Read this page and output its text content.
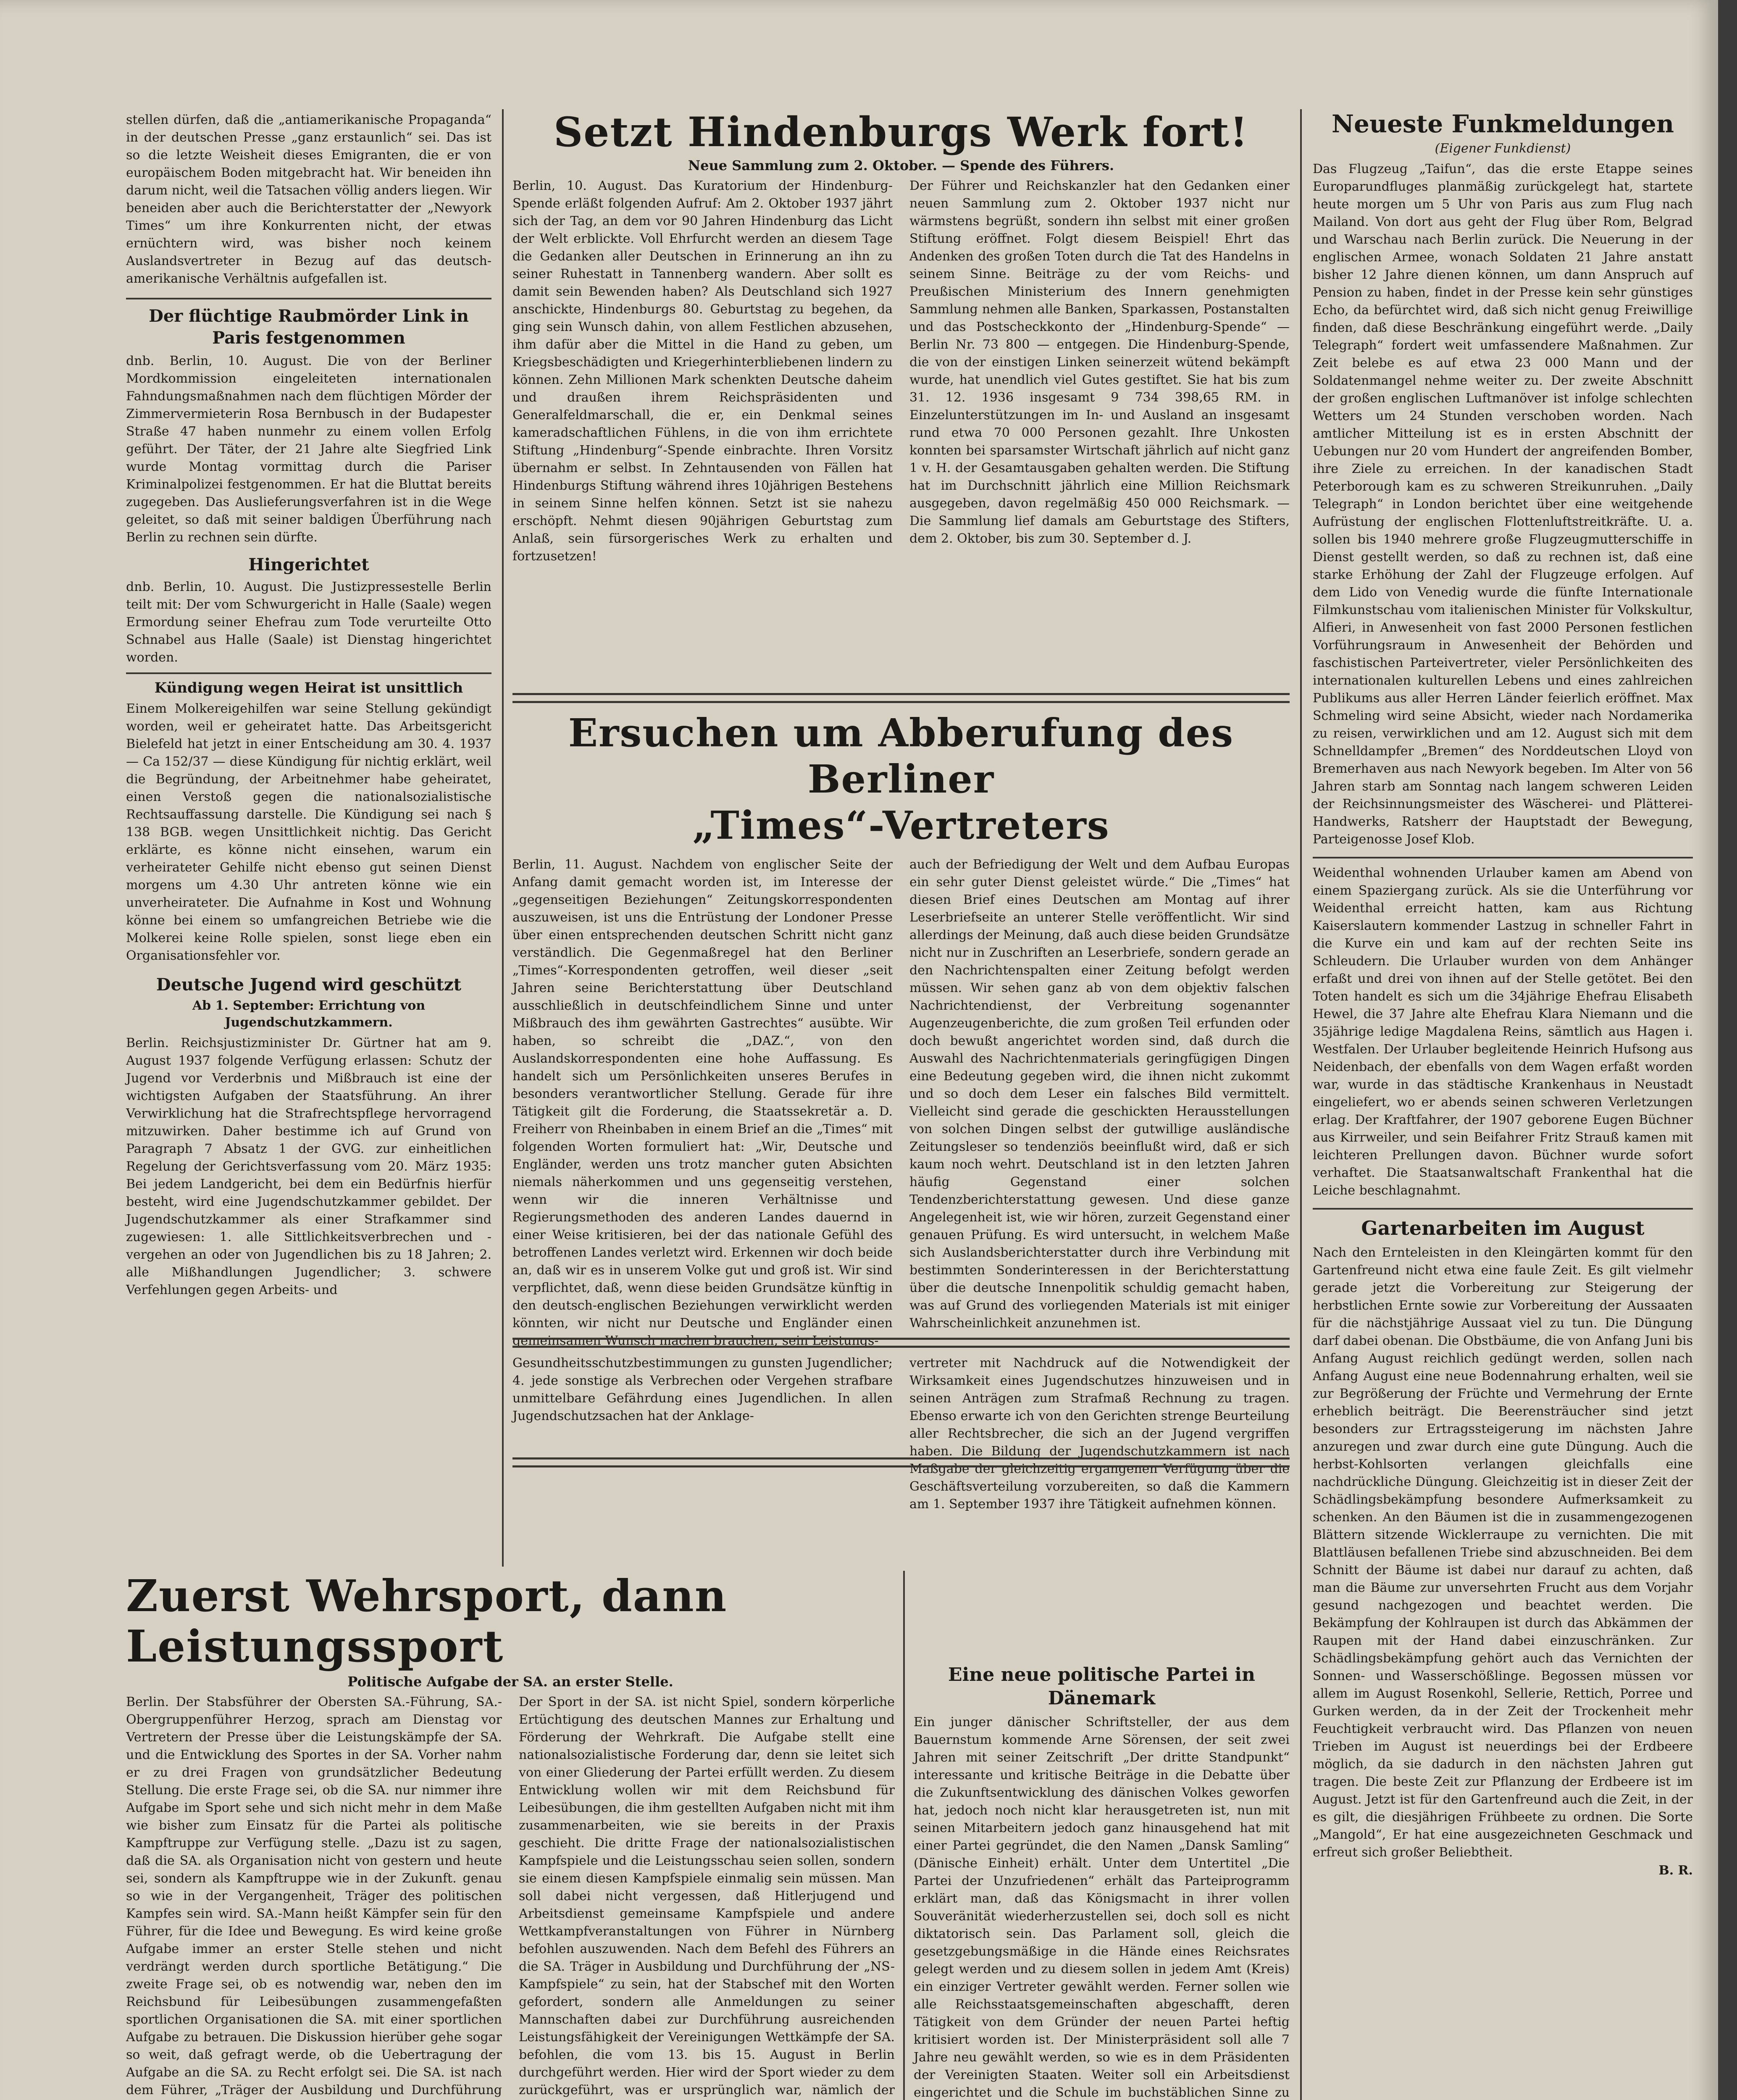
stellen dürfen, daß die „antiamerikanische Propaganda“ in der deutschen Presse „ganz erstaunlich“ sei. Das ist so die letzte Weisheit dieses Emigranten, die er von europäischem Boden mitgebracht hat. Wir beneiden ihn darum nicht, weil die Tatsachen völlig anders liegen. Wir beneiden aber auch die Berichterstatter der „Newyork Times“ um ihre Konkurrenten nicht, der etwas ernüchtern wird, was bisher noch keinem Auslandsvertreter in Bezug auf das deutsch-amerikanische Verhältnis aufgefallen ist.
Der flüchtige Raubmörder Link in Paris festgenommen
dnb. Berlin, 10. August. Die von der Berliner Mordkommission eingeleiteten internationalen Fahndungsmaßnahmen nach dem flüchtigen Mörder der Zimmervermieterin Rosa Bernbusch in der Budapester Straße 47 haben nunmehr zu einem vollen Erfolg geführt. Der Täter, der 21 Jahre alte Siegfried Link wurde Montag vormittag durch die Pariser Kriminalpolizei festgenommen. Er hat die Bluttat bereits zugegeben. Das Auslieferungsverfahren ist in die Wege geleitet, so daß mit seiner baldigen Überführung nach Berlin zu rechnen sein dürfte.
Hingerichtet
dnb. Berlin, 10. August. Die Justizpressestelle Berlin teilt mit: Der vom Schwurgericht in Halle (Saale) wegen Ermordung seiner Ehefrau zum Tode verurteilte Otto Schnabel aus Halle (Saale) ist Dienstag hingerichtet worden.
Kündigung wegen Heirat ist unsittlich
Einem Molkereigehilfen war seine Stellung gekündigt worden, weil er geheiratet hatte. Das Arbeitsgericht Bielefeld hat jetzt in einer Entscheidung am 30. 4. 1937 — Ca 152/37 — diese Kündigung für nichtig erklärt, weil die Begründung, der Arbeitnehmer habe geheiratet, einen Verstoß gegen die nationalsozialistische Rechtsauffassung darstelle. Die Kündigung sei nach § 138 BGB. wegen Unsittlichkeit nichtig. Das Gericht erklärte, es könne nicht einsehen, warum ein verheirateter Gehilfe nicht ebenso gut seinen Dienst morgens um 4.30 Uhr antreten könne wie ein unverheirateter. Die Aufnahme in Kost und Wohnung könne bei einem so umfangreichen Betriebe wie die Molkerei keine Rolle spielen, sonst liege eben ein Organisationsfehler vor.
Deutsche Jugend wird geschützt
Ab 1. September: Errichtung von Jugendschutzkammern.
Berlin. Reichsjustizminister Dr. Gürtner hat am 9. August 1937 folgende Verfügung erlassen: Schutz der Jugend vor Verderbnis und Mißbrauch ist eine der wichtigsten Aufgaben der Staatsführung. An ihrer Verwirklichung hat die Strafrechtspflege hervorragend mitzuwirken. Daher bestimme ich auf Grund von Paragraph 7 Absatz 1 der GVG. zur einheitlichen Regelung der Gerichtsverfassung vom 20. März 1935: Bei jedem Landgericht, bei dem ein Bedürfnis hierfür besteht, wird eine Jugendschutzkammer gebildet. Der Jugendschutzkammer als einer Strafkammer sind zugewiesen: 1. alle Sittlichkeitsverbrechen und -vergehen an oder von Jugendlichen bis zu 18 Jahren; 2. alle Mißhandlungen Jugendlicher; 3. schwere Verfehlungen gegen Arbeits- und
Setzt Hindenburgs Werk fort!
Neue Sammlung zum 2. Oktober. — Spende des Führers.
Berlin, 10. August. Das Kuratorium der Hindenburg-Spende erläßt folgenden Aufruf: Am 2. Oktober 1937 jährt sich der Tag, an dem vor 90 Jahren Hindenburg das Licht der Welt erblickte. Voll Ehrfurcht werden an diesem Tage die Gedanken aller Deutschen in Erinnerung an ihn zu seiner Ruhestatt in Tannenberg wandern. Aber sollt es damit sein Bewenden haben? Als Deutschland sich 1927 anschickte, Hindenburgs 80. Geburtstag zu begehen, da ging sein Wunsch dahin, von allem Festlichen abzusehen, ihm dafür aber die Mittel in die Hand zu geben, um Kriegsbeschädigten und Kriegerhinterbliebenen lindern zu können. Zehn Millionen Mark schenkten Deutsche daheim und draußen ihrem Reichspräsidenten und Generalfeldmarschall, die er, ein Denkmal seines kameradschaftlichen Fühlens, in die von ihm errichtete Stiftung „Hindenburg“-Spende einbrachte. Ihren Vorsitz übernahm er selbst. In Zehntausenden von Fällen hat Hindenburgs Stiftung während ihres 10jährigen Bestehens in seinem Sinne helfen können. Setzt ist sie nahezu erschöpft. Nehmt diesen 90jährigen Geburtstag zum Anlaß, sein fürsorgerisches Werk zu erhalten und fortzusetzen!
Der Führer und Reichskanzler hat den Gedanken einer neuen Sammlung zum 2. Oktober 1937 nicht nur wärmstens begrüßt, sondern ihn selbst mit einer großen Stiftung eröffnet. Folgt diesem Beispiel! Ehrt das Andenken des großen Toten durch die Tat des Handelns in seinem Sinne. Beiträge zu der vom Reichs- und Preußischen Ministerium des Innern genehmigten Sammlung nehmen alle Banken, Sparkassen, Postanstalten und das Postscheckkonto der „Hindenburg-Spende“ — Berlin Nr. 73 800 — entgegen. Die Hindenburg-Spende, die von der einstigen Linken seinerzeit wütend bekämpft wurde, hat unendlich viel Gutes gestiftet. Sie hat bis zum 31. 12. 1936 insgesamt 9 734 398,65 RM. in Einzelunterstützungen im In- und Ausland an insgesamt rund etwa 70 000 Personen gezahlt. Ihre Unkosten konnten bei sparsamster Wirtschaft jährlich auf nicht ganz 1 v. H. der Gesamtausgaben gehalten werden. Die Stiftung hat im Durchschnitt jährlich eine Million Reichsmark ausgegeben, davon regelmäßig 450 000 Reichsmark. — Die Sammlung lief damals am Geburtstage des Stifters, dem 2. Oktober, bis zum 30. September d. J.
Ersuchen um Abberufung des Berliner
„Times“-Vertreters
Berlin, 11. August. Nachdem von englischer Seite der Anfang damit gemacht worden ist, im Interesse der „gegenseitigen Beziehungen“ Zeitungskorrespondenten auszuweisen, ist uns die Entrüstung der Londoner Presse über einen entsprechenden deutschen Schritt nicht ganz verständlich. Die Gegenmaßregel hat den Berliner „Times“-Korrespondenten getroffen, weil dieser „seit Jahren seine Berichterstattung über Deutschland ausschließlich in deutschfeindlichem Sinne und unter Mißbrauch des ihm gewährten Gastrechtes“ ausübte. Wir haben, so schreibt die „DAZ.“, von den Auslandskorrespondenten eine hohe Auffassung. Es handelt sich um Persönlichkeiten unseres Berufes in besonders verantwortlicher Stellung. Gerade für ihre Tätigkeit gilt die Forderung, die Staatssekretär a. D. Freiherr von Rheinbaben in einem Brief an die „Times“ mit folgenden Worten formuliert hat: „Wir, Deutsche und Engländer, werden uns trotz mancher guten Absichten niemals näherkommen und uns gegenseitig verstehen, wenn wir die inneren Verhältnisse und Regierungsmethoden des anderen Landes dauernd in einer Weise kritisieren, bei der das nationale Gefühl des betroffenen Landes verletzt wird. Erkennen wir doch beide an, daß wir es in unserem Volke gut und groß ist. Wir sind verpflichtet, daß, wenn diese beiden Grundsätze künftig in den deutsch-englischen Beziehungen verwirklicht werden könnten, wir nicht nur Deutsche und Engländer einen gemeinsamen Wunsch machen brauchen, sein Leistungs-
auch der Befriedigung der Welt und dem Aufbau Europas ein sehr guter Dienst geleistet würde.“ Die „Times“ hat diesen Brief eines Deutschen am Montag auf ihrer Leserbriefseite an unterer Stelle veröffentlicht. Wir sind allerdings der Meinung, daß auch diese beiden Grundsätze nicht nur in Zuschriften an Leserbriefe, sondern gerade an den Nachrichtenspalten einer Zeitung befolgt werden müssen. Wir sehen ganz ab von dem objektiv falschen Nachrichtendienst, der Verbreitung sogenannter Augenzeugenberichte, die zum großen Teil erfunden oder doch bewußt angerichtet worden sind, daß durch die Auswahl des Nachrichtenmaterials geringfügigen Dingen eine Bedeutung gegeben wird, die ihnen nicht zukommt und so doch dem Leser ein falsches Bild vermittelt. Vielleicht sind gerade die geschickten Herausstellungen von solchen Dingen selbst der gutwillige ausländische Zeitungsleser so tendenziös beeinflußt wird, daß er sich kaum noch wehrt. Deutschland ist in den letzten Jahren häufig Gegenstand einer solchen Tendenzberichterstattung gewesen. Und diese ganze Angelegenheit ist, wie wir hören, zurzeit Gegenstand einer genauen Prüfung. Es wird untersucht, in welchem Maße sich Auslandsberichterstatter durch ihre Verbindung mit bestimmten Sonderinteressen in der Berichterstattung über die deutsche Innenpolitik schuldig gemacht haben, was auf Grund des vorliegenden Materials ist mit einiger Wahrscheinlichkeit anzunehmen ist.
Gesundheitsschutzbestimmungen zu gunsten Jugendlicher; 4. jede sonstige als Verbrechen oder Vergehen strafbare unmittelbare Gefährdung eines Jugendlichen. In allen Jugendschutzsachen hat der Anklage-
vertreter mit Nachdruck auf die Notwendigkeit der Wirksamkeit eines Jugendschutzes hinzuweisen und in seinen Anträgen zum Strafmaß Rechnung zu tragen. Ebenso erwarte ich von den Gerichten strenge Beurteilung aller Rechtsbrecher, die sich an der Jugend vergriffen haben. Die Bildung der Jugendschutzkammern ist nach Maßgabe der gleichzeitig ergangenen Verfügung über die Geschäftsverteilung vorzubereiten, so daß die Kammern am 1. September 1937 ihre Tätigkeit aufnehmen können.
Neueste Funkmeldungen
(Eigener Funkdienst)
Das Flugzeug „Taifun“, das die erste Etappe seines Europarundfluges planmäßig zurückgelegt hat, startete heute morgen um 5 Uhr von Paris aus zum Flug nach Mailand. Von dort aus geht der Flug über Rom, Belgrad und Warschau nach Berlin zurück. Die Neuerung in der englischen Armee, wonach Soldaten 21 Jahre anstatt bisher 12 Jahre dienen können, um dann Anspruch auf Pension zu haben, findet in der Presse kein sehr günstiges Echo, da befürchtet wird, daß sich nicht genug Freiwillige finden, daß diese Beschränkung eingeführt werde. „Daily Telegraph“ fordert weit umfassendere Maßnahmen. Zur Zeit belebe es auf etwa 23 000 Mann und der Soldatenmangel nehme weiter zu. Der zweite Abschnitt der großen englischen Luftmanöver ist infolge schlechten Wetters um 24 Stunden verschoben worden. Nach amtlicher Mitteilung ist es in ersten Abschnitt der Uebungen nur 20 vom Hundert der angreifenden Bomber, ihre Ziele zu erreichen. In der kanadischen Stadt Peterborough kam es zu schweren Streikunruhen. „Daily Telegraph“ in London berichtet über eine weitgehende Aufrüstung der englischen Flottenluftstreitkräfte. U. a. sollen bis 1940 mehrere große Flugzeugmutterschiffe in Dienst gestellt werden, so daß zu rechnen ist, daß eine starke Erhöhung der Zahl der Flugzeuge erfolgen. Auf dem Lido von Venedig wurde die fünfte Internationale Filmkunstschau vom italienischen Minister für Volkskultur, Alfieri, in Anwesenheit von fast 2000 Personen festlichen Vorführungsraum in Anwesenheit der Behörden und faschistischen Parteivertreter, vieler Persönlichkeiten des internationalen kulturellen Lebens und eines zahlreichen Publikums aus aller Herren Länder feierlich eröffnet. Max Schmeling wird seine Absicht, wieder nach Nordamerika zu reisen, verwirklichen und am 12. August sich mit dem Schnelldampfer „Bremen“ des Norddeutschen Lloyd von Bremerhaven aus nach Newyork begeben. Im Alter von 56 Jahren starb am Sonntag nach langem schweren Leiden der Reichsinnungsmeister des Wäscherei- und Plätterei-Handwerks, Ratsherr der Hauptstadt der Bewegung, Parteigenosse Josef Klob.
Weidenthal wohnenden Urlauber kamen am Abend von einem Spaziergang zurück. Als sie die Unterführung vor Weidenthal erreicht hatten, kam aus Richtung Kaiserslautern kommender Lastzug in schneller Fahrt in die Kurve ein und kam auf der rechten Seite ins Schleudern. Die Urlauber wurden von dem Anhänger erfaßt und drei von ihnen auf der Stelle getötet. Bei den Toten handelt es sich um die 34jährige Ehefrau Elisabeth Hewel, die 37 Jahre alte Ehefrau Klara Niemann und die 35jährige ledige Magdalena Reins, sämtlich aus Hagen i. Westfalen. Der Urlauber begleitende Heinrich Hufsong aus Neidenbach, der ebenfalls von dem Wagen erfaßt worden war, wurde in das städtische Krankenhaus in Neustadt eingeliefert, wo er abends seinen schweren Verletzungen erlag. Der Kraftfahrer, der 1907 geborene Eugen Büchner aus Kirrweiler, und sein Beifahrer Fritz Strauß kamen mit leichteren Prellungen davon. Büchner wurde sofort verhaftet. Die Staatsanwaltschaft Frankenthal hat die Leiche beschlagnahmt.
Gartenarbeiten im August
Nach den Ernteleisten in den Kleingärten kommt für den Gartenfreund nicht etwa eine faule Zeit. Es gilt vielmehr gerade jetzt die Vorbereitung zur Steigerung der herbstlichen Ernte sowie zur Vorbereitung der Aussaaten für die nächstjährige Aussaat viel zu tun. Die Düngung darf dabei obenan. Die Obstbäume, die von Anfang Juni bis Anfang August reichlich gedüngt werden, sollen nach Anfang August eine neue Bodennahrung erhalten, weil sie zur Begrößerung der Früchte und Vermehrung der Ernte erheblich beiträgt. Die Beerensträucher sind jetzt besonders zur Ertragssteigerung im nächsten Jahre anzuregen und zwar durch eine gute Düngung. Auch die herbst-Kohlsorten verlangen gleichfalls eine nachdrückliche Düngung. Gleichzeitig ist in dieser Zeit der Schädlingsbekämpfung besondere Aufmerksamkeit zu schenken. An den Bäumen ist die in zusammengezogenen Blättern sitzende Wicklerraupe zu vernichten. Die mit Blattläusen befallenen Triebe sind abzuschneiden. Bei dem Schnitt der Bäume ist dabei nur darauf zu achten, daß man die Bäume zur unversehrten Frucht aus dem Vorjahr gesund nachgezogen und beachtet werden. Die Bekämpfung der Kohlraupen ist durch das Abkämmen der Raupen mit der Hand dabei einzuschränken. Zur Schädlingsbekämpfung gehört auch das Vernichten der Sonnen- und Wasserschößlinge. Begossen müssen vor allem im August Rosenkohl, Sellerie, Rettich, Porree und Gurken werden, da in der Zeit der Trockenheit mehr Feuchtigkeit verbraucht wird. Das Pflanzen von neuen Trieben im August ist neuerdings bei der Erdbeere möglich, da sie dadurch in den nächsten Jahren gut tragen. Die beste Zeit zur Pflanzung der Erdbeere ist im August. Jetzt ist für den Gartenfreund auch die Zeit, in der es gilt, die diesjährigen Frühbeete zu ordnen. Die Sorte „Mangold“, Er hat eine ausgezeichneten Geschmack und erfreut sich großer Beliebtheit.
B. R.
Zuerst Wehrsport, dann Leistungssport
Politische Aufgabe der SA. an erster Stelle.
Berlin. Der Stabsführer der Obersten SA.-Führung, SA.-Obergruppenführer Herzog, sprach am Dienstag vor Vertretern der Presse über die Leistungskämpfe der SA. und die Entwicklung des Sportes in der SA. Vorher nahm er zu drei Fragen von grundsätzlicher Bedeutung Stellung. Die erste Frage sei, ob die SA. nur nimmer ihre Aufgabe im Sport sehe und sich nicht mehr in dem Maße wie bisher zum Einsatz für die Partei als politische Kampftruppe zur Verfügung stelle. „Dazu ist zu sagen, daß die SA. als Organisation nicht von gestern und heute sei, sondern als Kampftruppe wie in der Zukunft. genau so wie in der Vergangenheit, Träger des politischen Kampfes sein wird. SA.-Mann heißt Kämpfer sein für den Führer, für die Idee und Bewegung. Es wird keine große Aufgabe immer an erster Stelle stehen und nicht verdrängt werden durch sportliche Betätigung.“ Die zweite Frage sei, ob es notwendig war, neben den im Reichsbund für Leibesübungen zusammengefaßten sportlichen Organisationen die SA. mit einer sportlichen Aufgabe zu betrauen. Die Diskussion hierüber gehe sogar so weit, daß gefragt werde, ob die Uebertragung der Aufgabe an die SA. zu Recht erfolgt sei. Die SA. ist nach dem Führer, „Träger der Ausbildung und Durchführung
Der Sport in der SA. ist nicht Spiel, sondern körperliche Ertüchtigung des deutschen Mannes zur Erhaltung und Förderung der Wehrkraft. Die Aufgabe stellt eine nationalsozialistische Forderung dar, denn sie leitet sich von einer Gliederung der Partei erfüllt werden. Zu diesem Entwicklung wollen wir mit dem Reichsbund für Leibesübungen, die ihm gestellten Aufgaben nicht mit ihm zusammenarbeiten, wie sie bereits in der Praxis geschieht. Die dritte Frage der nationalsozialistischen Kampfspiele und die Leistungsschau seien sollen, sondern sie einem diesen Kampfspiele einmalig sein müssen. Man soll dabei nicht vergessen, daß Hitlerjugend und Arbeitsdienst gemeinsame Kampfspiele und andere Wettkampfveranstaltungen von Führer in Nürnberg befohlen auszuwenden. Nach dem Befehl des Führers an die SA. Träger in Ausbildung und Durchführung der „NS-Kampfspiele“ zu sein, hat der Stabschef mit den Worten gefordert, sondern alle Anmeldungen zu seiner Mannschaften dabei zur Durchführung ausreichenden Leistungsfähigkeit der Vereinigungen Wettkämpfe der SA. befohlen, die vom 13. bis 15. August in Berlin durchgeführt werden. Hier wird der Sport wieder zu dem zurückgeführt, was er ursprünglich war, nämlich der
Eine neue politische Partei in Dänemark
Ein junger dänischer Schriftsteller, der aus dem Bauernstum kommende Arne Sörensen, der seit zwei Jahren mit seiner Zeitschrift „Der dritte Standpunkt“ interessante und kritische Beiträge in die Debatte über die Zukunftsentwicklung des dänischen Volkes geworfen hat, jedoch noch nicht klar herausgetreten ist, nun mit seinen Mitarbeitern jedoch ganz hinausgehend hat mit einer Partei gegründet, die den Namen „Dansk Samling“ (Dänische Einheit) erhält. Unter dem Untertitel „Die Partei der Unzufriedenen“ erhält das Parteiprogramm erklärt man, daß das Königsmacht in ihrer vollen Souveränität wiederherzustellen sei, doch soll es nicht diktatorisch sein. Das Parlament soll, gleich die gesetzgebungsmäßige in die Hände eines Reichsrates gelegt werden und zu diesem sollen in jedem Amt (Kreis) ein einziger Vertreter gewählt werden. Ferner sollen wie alle Reichsstaatsgemeinschaften abgeschafft, deren Tätigkeit von dem Gründer der neuen Partei heftig kritisiert worden ist. Der Ministerpräsident soll alle 7 Jahre neu gewählt werden, so wie es in dem Präsidenten der Vereinigten Staaten. Weiter soll ein Arbeitsdienst eingerichtet und die Schule im buchstäblichen Sinne zu
